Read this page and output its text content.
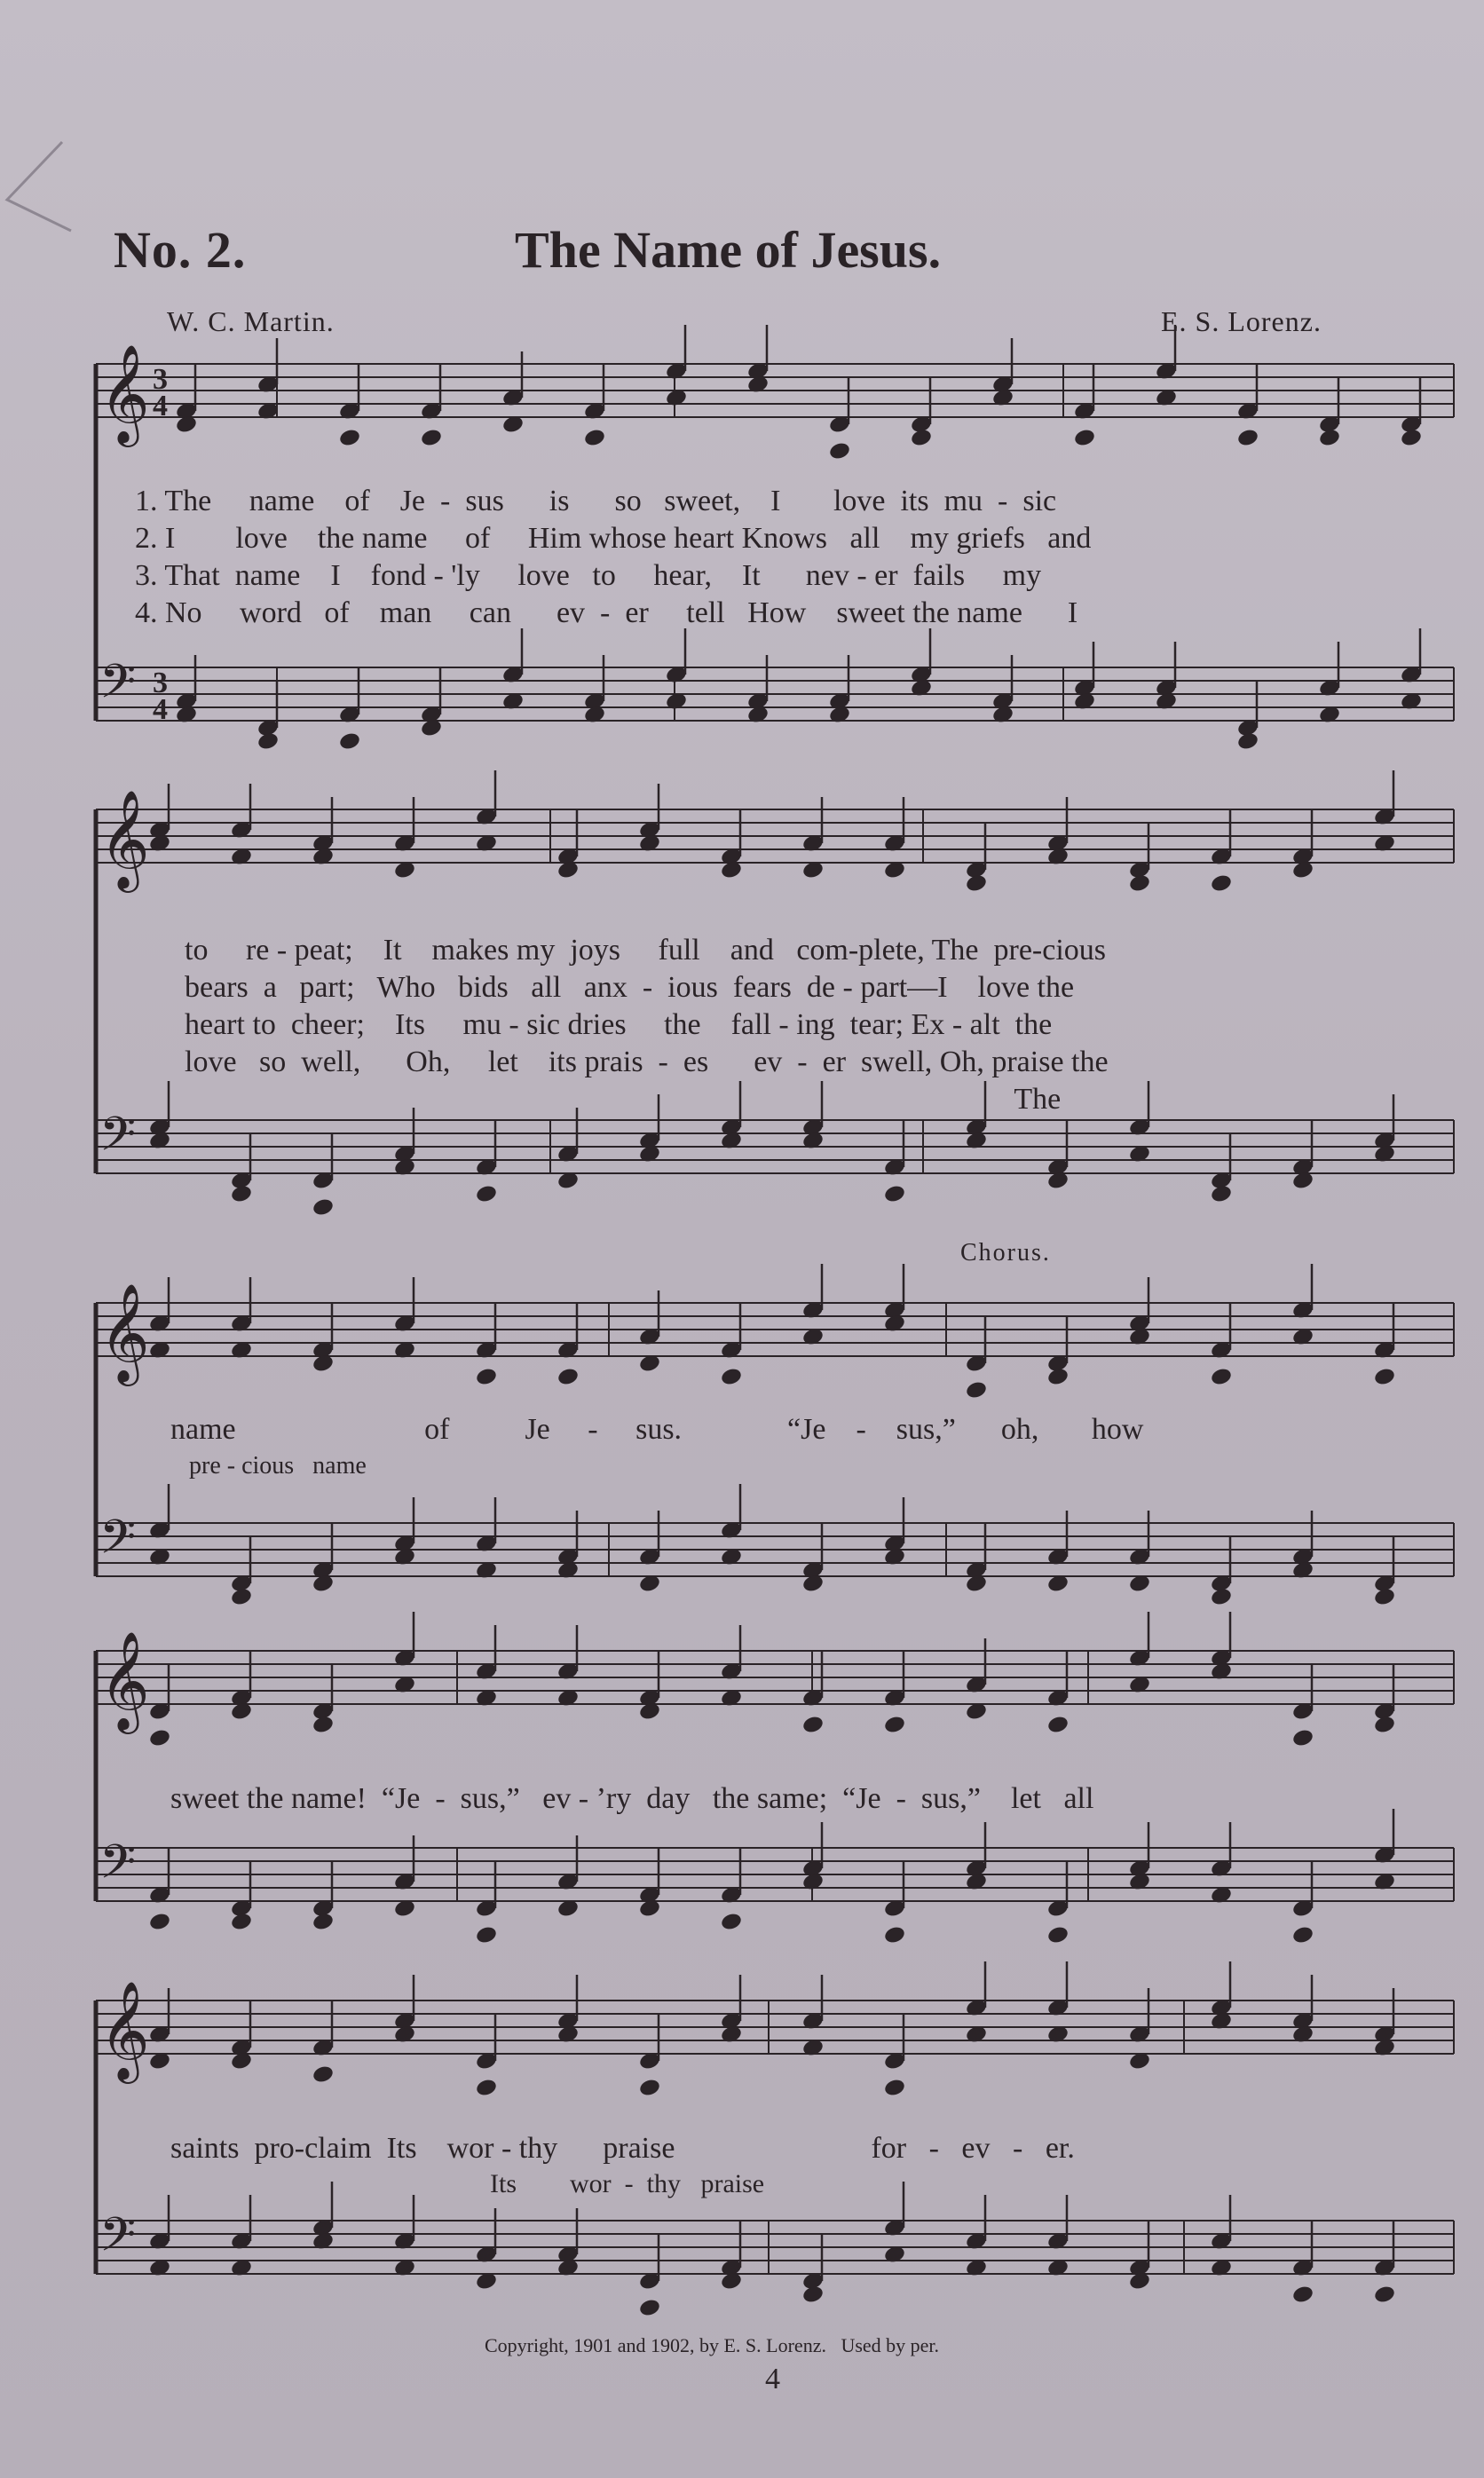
No. 2.	The Name of Jesus.
W. C. Martin.	E. S. Lorenz.
𝄞 3
4
𝄢 3
4
𝄞
𝄢
𝄞
𝄢
𝄞
𝄢
𝄞
𝄢
1. The     name    of    Je  -  sus      is      so   sweet,    I       love  its  mu  -  sic
2. I        love    the name     of     Him whose heart Knows   all    my griefs   and
3. That  name    I    fond - 'ly     love   to     hear,    It      nev - er  fails     my
4. No     word   of    man     can      ev  -  er     tell   How    sweet the name      I
to     re - peat;    It    makes my  joys     full    and   com-plete, The  pre-cious
bears  a   part;   Who   bids   all   anx  -  ious  fears  de - part—I    love the
heart to  cheer;    Its     mu - sic dries     the    fall - ing  tear; Ex - alt  the
love   so  well,      Oh,     let    its prais  -  es      ev  -  er  swell, Oh, praise the
The
Chorus.
name                         of          Je     -     sus.              “Je    -    sus,”      oh,       how
pre - cious   name
sweet the name!  “Je  -  sus,”   ev - ’ry  day   the same;  “Je  -  sus,”    let   all
saints  pro-claim  Its    wor - thy      praise                          for   -   ev   -   er.
Its        wor  -  thy   praise
Copyright, 1901 and 1902, by E. S. Lorenz.   Used by per.
4
